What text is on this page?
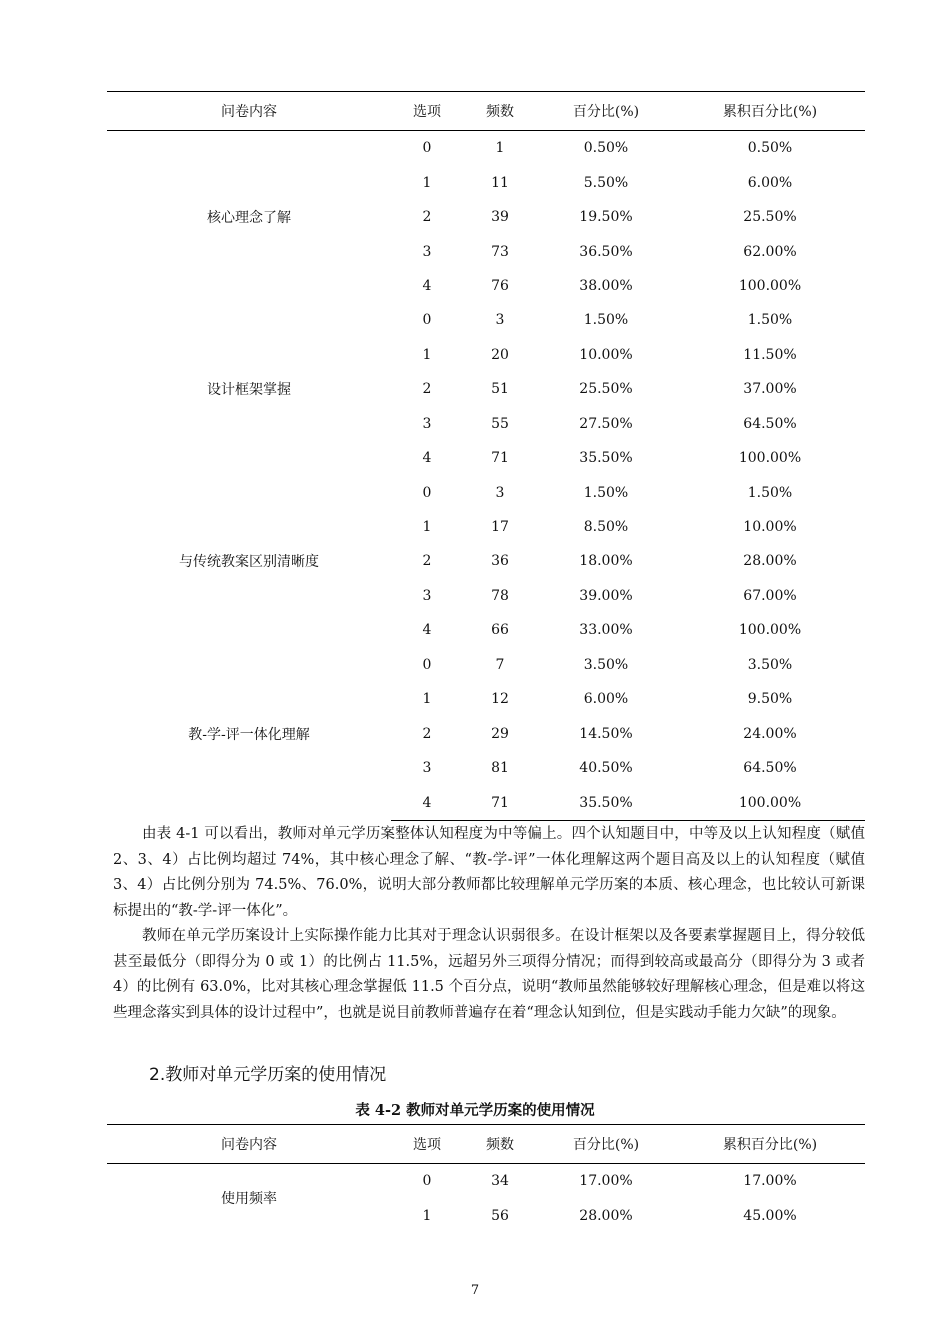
问卷内容	选项	频数	百分比(%)	累积百分比(%)
核心理念了解	0	1	0.50%	0.50%
	1	11	5.50%	6.00%
	2	39	19.50%	25.50%
	3	73	36.50%	62.00%
	4	76	38.00%	100.00%
设计框架掌握	0	3	1.50%	1.50%
	1	20	10.00%	11.50%
	2	51	25.50%	37.00%
	3	55	27.50%	64.50%
	4	71	35.50%	100.00%
与传统教案区别清晰度	0	3	1.50%	1.50%
	1	17	8.50%	10.00%
	2	36	18.00%	28.00%
	3	78	39.00%	67.00%
	4	66	33.00%	100.00%
教-学-评一体化理解	0	7	3.50%	3.50%
	1	12	6.00%	9.50%
	2	29	14.50%	24.00%
	3	81	40.50%	64.50%
	4	71	35.50%	100.00%

由表 4-1 可以看出，教师对单元学历案整体认知程度为中等偏上。四个认知题目中，中等及以上认知程度（赋值 2、3、4）占比例均超过 74%，其中核心理念了解、“教-学-评”一体化理解这两个题目高及以上的认知程度（赋值 3、4）占比例分别为 74.5%、76.0%，说明大部分教师都比较理解单元学历案的本质、核心理念，也比较认可新课标提出的“教-学-评一体化”。

教师在单元学历案设计上实际操作能力比其对于理念认识弱很多。在设计框架以及各要素掌握题目上，得分较低甚至最低分（即得分为 0 或 1）的比例占 11.5%，远超另外三项得分情况；而得到较高或最高分（即得分为 3 或者 4）的比例有 63.0%，比对其核心理念掌握低 11.5 个百分点，说明“教师虽然能够较好理解核心理念，但是难以将这些理念落实到具体的设计过程中”，也就是说目前教师普遍存在着“理念认知到位，但是实践动手能力欠缺”的现象。

2.教师对单元学历案的使用情况

表 4-2 教师对单元学历案的使用情况

问卷内容	选项	频数	百分比(%)	累积百分比(%)
使用频率	0	34	17.00%	17.00%
	1	56	28.00%	45.00%

7
